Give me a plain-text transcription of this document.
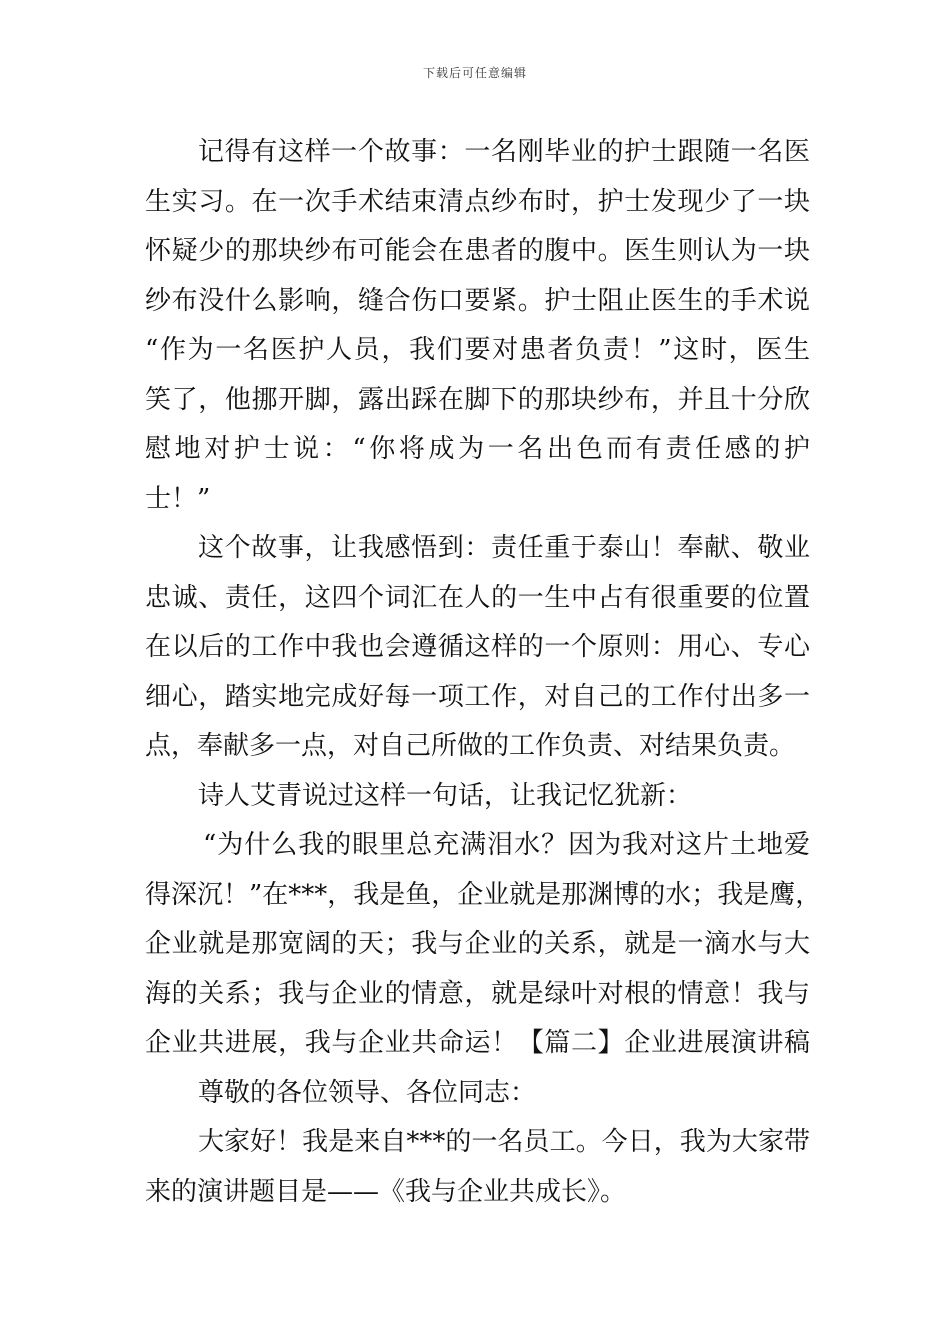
下载后可任意编辑
记得有这样一个故事：一名刚毕业的护士跟随一名医
生实习。在一次手术结束清点纱布时，护士发现少了一块
怀疑少的那块纱布可能会在患者的腹中。医生则认为一块
纱布没什么影响，缝合伤口要紧。护士阻止医生的手术说
“作为一名医护人员，我们要对患者负责！”这时，医生
笑了，他挪开脚，露出踩在脚下的那块纱布，并且十分欣
慰地对护士说：“你将成为一名出色而有责任感的护
士！”
这个故事，让我感悟到：责任重于泰山！奉献、敬业
忠诚、责任，这四个词汇在人的一生中占有很重要的位置
在以后的工作中我也会遵循这样的一个原则：用心、专心
细心，踏实地完成好每一项工作，对自己的工作付出多一
点，奉献多一点，对自己所做的工作负责、对结果负责。
诗人艾青说过这样一句话，让我记忆犹新：
“为什么我的眼里总充满泪水？因为我对这片土地爱
得深沉！”在***，我是鱼，企业就是那渊博的水；我是鹰，
企业就是那宽阔的天；我与企业的关系，就是一滴水与大
海的关系；我与企业的情意，就是绿叶对根的情意！我与
企业共进展，我与企业共命运！【篇二】企业进展演讲稿
尊敬的各位领导、各位同志：
大家好！我是来自***的一名员工。今日，我为大家带
来的演讲题目是——《我与企业共成长》。
